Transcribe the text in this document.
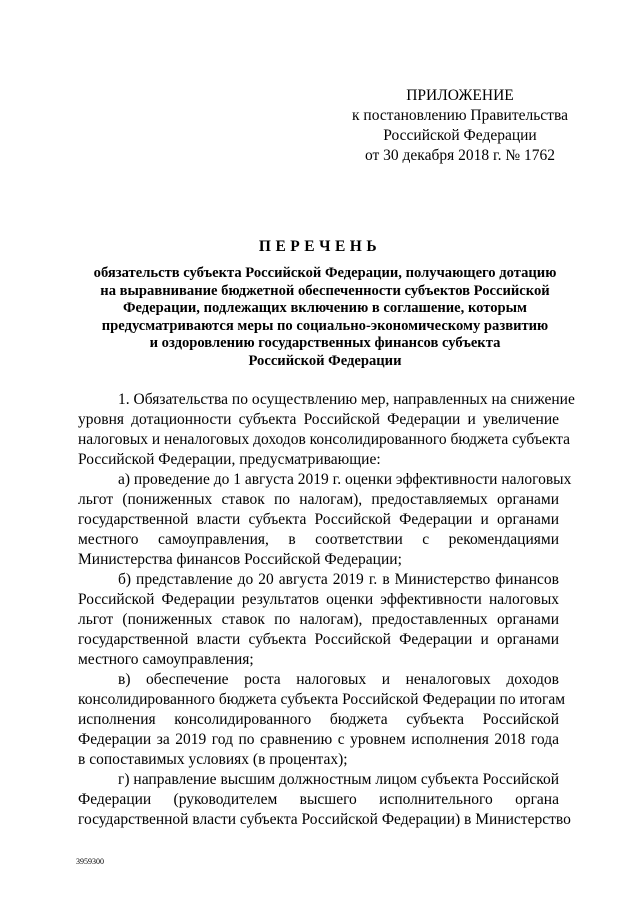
ПРИЛОЖЕНИЕ
к постановлению Правительства
Российской Федерации
от 30 декабря 2018 г. № 1762
ПЕРЕЧЕНЬ
обязательств субъекта Российской Федерации, получающего дотацию
на выравнивание бюджетной обеспеченности субъектов Российской
Федерации, подлежащих включению в соглашение, которым
предусматриваются меры по социально-экономическому развитию
и оздоровлению государственных финансов субъекта
Российской Федерации
1. Обязательства по осуществлению мер, направленных на снижение
уровня дотационности субъекта Российской Федерации и увеличение
налоговых и неналоговых доходов консолидированного бюджета субъекта
Российской Федерации, предусматривающие:
а) проведение до 1 августа 2019 г. оценки эффективности налоговых
льгот (пониженных ставок по налогам), предоставляемых органами
государственной власти субъекта Российской Федерации и органами
местного самоуправления, в соответствии с рекомендациями
Министерства финансов Российской Федерации;
б) представление до 20 августа 2019 г. в Министерство финансов
Российской Федерации результатов оценки эффективности налоговых
льгот (пониженных ставок по налогам), предоставленных органами
государственной власти субъекта Российской Федерации и органами
местного самоуправления;
в) обеспечение роста налоговых и неналоговых доходов
консолидированного бюджета субъекта Российской Федерации по итогам
исполнения консолидированного бюджета субъекта Российской
Федерации за 2019 год по сравнению с уровнем исполнения 2018 года
в сопоставимых условиях (в процентах);
г) направление высшим должностным лицом субъекта Российской
Федерации (руководителем высшего исполнительного органа
государственной власти субъекта Российской Федерации) в Министерство
3959300
